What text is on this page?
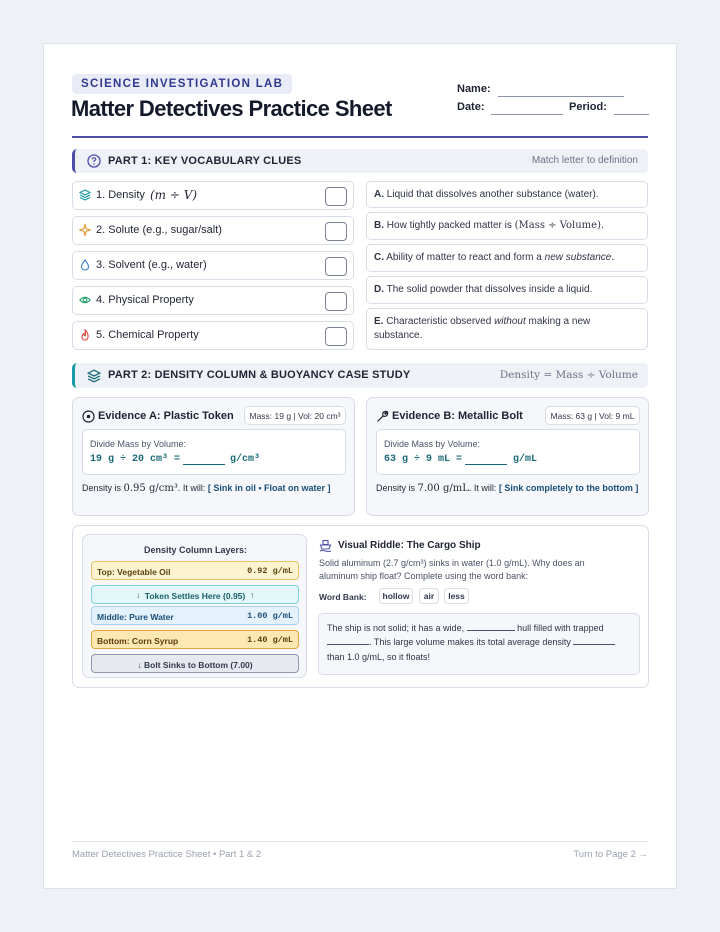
SCIENCE INVESTIGATION LAB
Matter Detectives Practice Sheet
Name:
Date:	Period:
PART 1: KEY VOCABULARY CLUES	Match letter to definition
1. Density (m ÷ V)
2. Solute (e.g., sugar/salt)
3. Solvent (e.g., water)
4. Physical Property
5. Chemical Property
A. Liquid that dissolves another substance (water).
B. How tightly packed matter is (Mass ÷ Volume).
C. Ability of matter to react and form a new substance.
D. The solid powder that dissolves inside a liquid.
E. Characteristic observed without making a new substance.
PART 2: DENSITY COLUMN & BUOYANCY CASE STUDY	Density = Mass ÷ Volume
Evidence A: Plastic Token	Mass: 19 g | Vol: 20 cm³
Divide Mass by Volume:
19 g ÷ 20 cm³ =	g/cm³
Density is 0.95 g/cm³. It will: [ Sink in oil • Float on water ]
Evidence B: Metallic Bolt	Mass: 63 g | Vol: 9 mL
Divide Mass by Volume:
63 g ÷ 9 mL =	g/mL
Density is 7.00 g/mL. It will: [ Sink completely to the bottom ]
Density Column Layers:
Top: Vegetable Oil	0.92 g/mL
↓ Token Settles Here (0.95) ↑
Middle: Pure Water	1.00 g/mL
Bottom: Corn Syrup	1.40 g/mL
↓ Bolt Sinks to Bottom (7.00)
Visual Riddle: The Cargo Ship
Solid aluminum (2.7 g/cm³) sinks in water (1.0 g/mL). Why does an
aluminum ship float? Complete using the word bank:
Word Bank:	hollow	air	less
The ship is not solid; it has a wide,	hull filled with trapped
. This large volume makes its total average density
than 1.0 g/mL, so it floats!
Matter Detectives Practice Sheet • Part 1 & 2	Turn to Page 2 →
